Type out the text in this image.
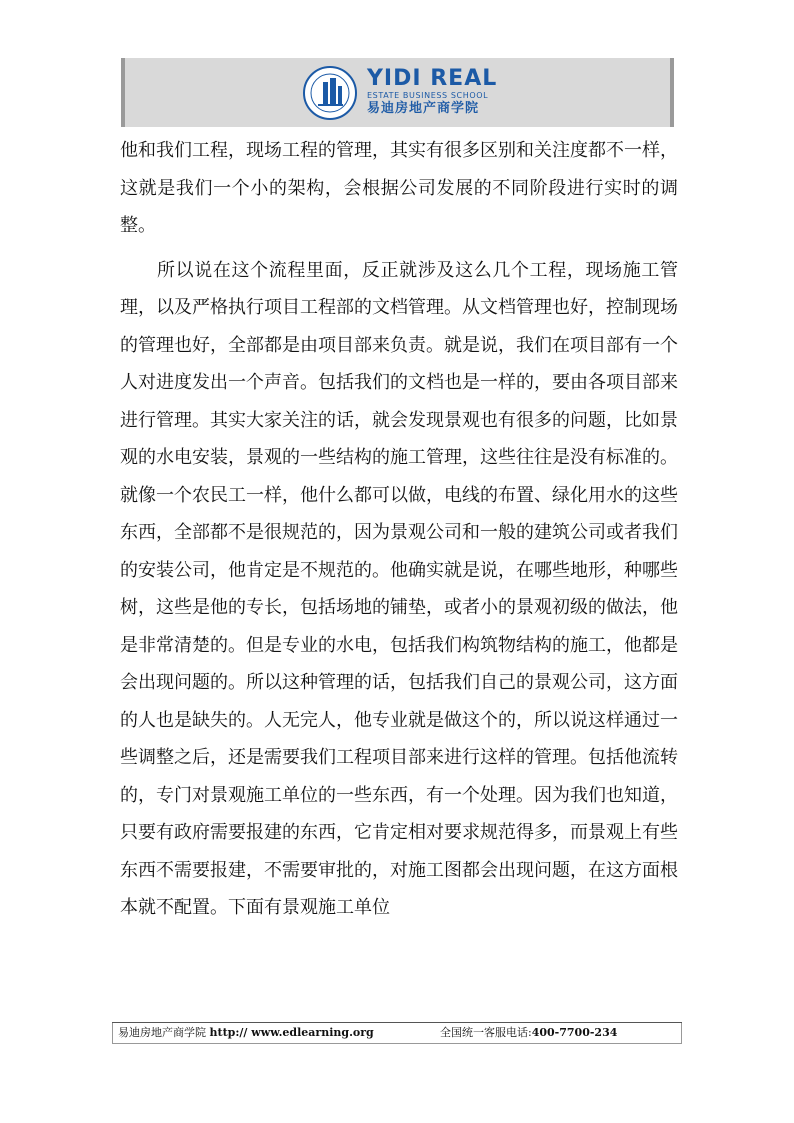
YIDI REAL
ESTATE BUSINESS SCHOOL
易迪房地产商学院

他和我们工程，现场工程的管理，其实有很多区别和关注度都不一样，这就是我们一个小的架构，会根据公司发展的不同阶段进行实时的调整。

所以说在这个流程里面，反正就涉及这么几个工程，现场施工管理，以及严格执行项目工程部的文档管理。从文档管理也好，控制现场的管理也好，全部都是由项目部来负责。就是说，我们在项目部有一个人对进度发出一个声音。包括我们的文档也是一样的，要由各项目部来进行管理。其实大家关注的话，就会发现景观也有很多的问题，比如景观的水电安装，景观的一些结构的施工管理，这些往往是没有标准的。就像一个农民工一样，他什么都可以做，电线的布置、绿化用水的这些东西，全部都不是很规范的，因为景观公司和一般的建筑公司或者我们的安装公司，他肯定是不规范的。他确实就是说，在哪些地形，种哪些树，这些是他的专长，包括场地的铺垫，或者小的景观初级的做法，他是非常清楚的。但是专业的水电，包括我们构筑物结构的施工，他都是会出现问题的。所以这种管理的话，包括我们自己的景观公司，这方面的人也是缺失的。人无完人，他专业就是做这个的，所以说这样通过一些调整之后，还是需要我们工程项目部来进行这样的管理。包括他流转的，专门对景观施工单位的一些东西，有一个处理。因为我们也知道，只要有政府需要报建的东西，它肯定相对要求规范得多，而景观上有些东西不需要报建，不需要审批的，对施工图都会出现问题，在这方面根本就不配置。下面有景观施工单位

易迪房地产商学院 http:// www.edlearning.org	全国统一客服电话:400-7700-234
